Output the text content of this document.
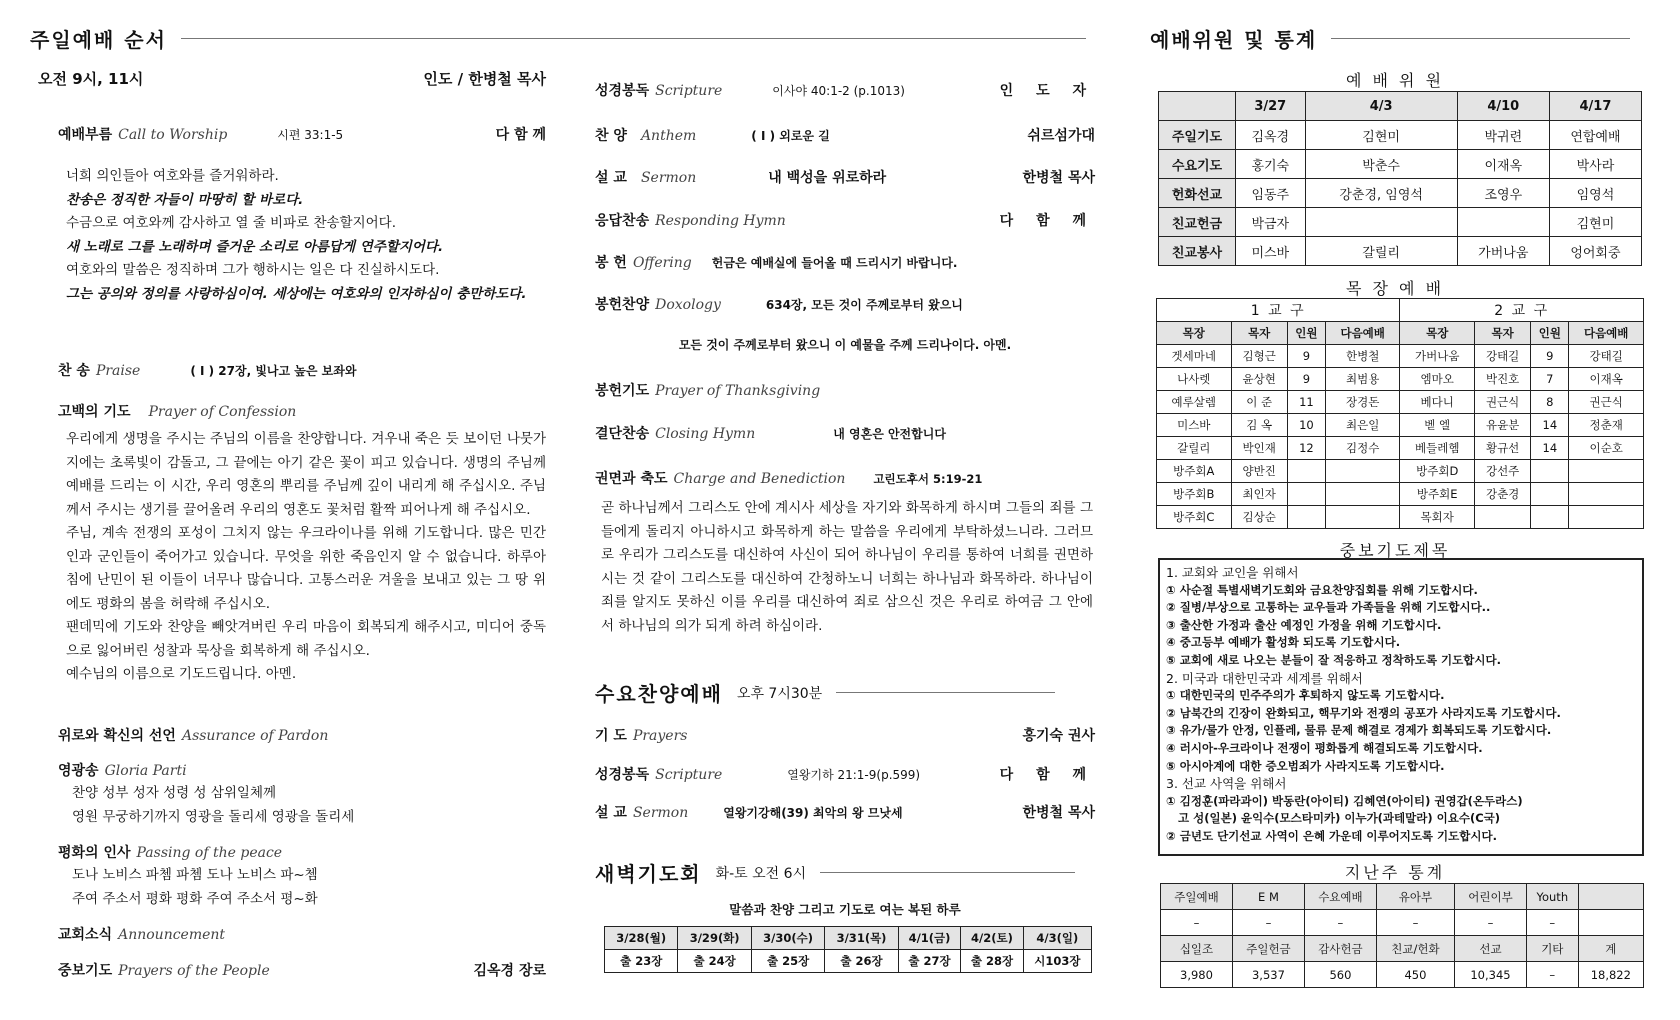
주일예배 순서
오전 9시, 11시	인도 / 한병철 목사
예배부름 Call to Worship	시편 33:1-5	다 함 께
너희 의인들아 여호와를 즐거워하라.
찬송은 정직한 자들이 마땅히 할 바로다.
수금으로 여호와께 감사하고 열 줄 비파로 찬송할지어다.
새 노래로 그를 노래하며 즐거운 소리로 아름답게 연주할지어다.
여호와의 말씀은 정직하며 그가 행하시는 일은 다 진실하시도다.
그는 공의와 정의를 사랑하심이여. 세상에는 여호와의 인자하심이 충만하도다.
찬 송 Praise	( I ) 27장, 빛나고 높은 보좌와
고백의 기도 Prayer of Confession
우리에게 생명을 주시는 주님의 이름을 찬양합니다. 겨우내 죽은 듯 보이던 나뭇가지에는 초록빛이 감돌고, 그 끝에는 아기 같은 꽃이 피고 있습니다. 생명의 주님께 예배를 드리는 이 시간, 우리 영혼의 뿌리를 주님께 깊이 내리게 해 주십시오. 주님께서 주시는 생기를 끌어올려 우리의 영혼도 꽃처럼 활짝 피어나게 해 주십시오.
주님, 계속 전쟁의 포성이 그치지 않는 우크라이나를 위해 기도합니다. 많은 민간인과 군인들이 죽어가고 있습니다. 무엇을 위한 죽음인지 알 수 없습니다. 하루아침에 난민이 된 이들이 너무나 많습니다. 고통스러운 겨울을 보내고 있는 그 땅 위에도 평화의 봄을 허락해 주십시오.
팬데믹에 기도와 찬양을 빼앗겨버린 우리 마음이 회복되게 해주시고, 미디어 중독으로 잃어버린 성찰과 묵상을 회복하게 해 주십시오.
예수님의 이름으로 기도드립니다. 아멘.
위로와 확신의 선언 Assurance of Pardon
영광송 Gloria Parti
찬양 성부 성자 성령 성 삼위일체께
영원 무궁하기까지 영광을 돌리세 영광을 돌리세
평화의 인사 Passing of the peace
도나 노비스 파쳄 파쳄 도나 노비스 파~쳄
주여 주소서 평화 평화 주여 주소서 평~화
교회소식 Announcement
중보기도 Prayers of the People	김옥경 장로
성경봉독 Scripture	이사야 40:1-2 (p.1013)	인 도 자
찬 양 Anthem	( I ) 외로운 길	쉬르섬가대
설 교 Sermon	내 백성을 위로하라	한병철 목사
응답찬송 Responding Hymn	다 함 께
봉 헌 Offering 헌금은 예배실에 들어올 때 드리시기 바랍니다.
봉헌찬양 Doxology	634장, 모든 것이 주께로부터 왔으니
모든 것이 주께로부터 왔으니 이 예물을 주께 드리나이다. 아멘.
봉헌기도 Prayer of Thanksgiving
결단찬송 Closing Hymn	내 영혼은 안전합니다
권면과 축도 Charge and Benediction 고린도후서 5:19-21
곧 하나님께서 그리스도 안에 계시사 세상을 자기와 화목하게 하시며 그들의 죄를 그들에게 돌리지 아니하시고 화목하게 하는 말씀을 우리에게 부탁하셨느니라. 그러므로 우리가 그리스도를 대신하여 사신이 되어 하나님이 우리를 통하여 너희를 권면하시는 것 같이 그리스도를 대신하여 간청하노니 너희는 하나님과 화목하라. 하나님이 죄를 알지도 못하신 이를 우리를 대신하여 죄로 삼으신 것은 우리로 하여금 그 안에서 하나님의 의가 되게 하려 하심이라.
수요찬양예배 오후 7시30분
기 도 Prayers	홍기숙 권사
성경봉독 Scripture	열왕기하 21:1-9(p.599)	다 함 께
설 교 Sermon	열왕기강해(39) 최악의 왕 므낫세	한병철 목사
새벽기도회 화-토 오전 6시
말씀과 찬양 그리고 기도로 여는 복된 하루
3/28(월)	3/29(화)	3/30(수)	3/31(목)	4/1(금)	4/2(토)	4/3(일)
출 23장	출 24장	출 25장	출 26장	출 27장	출 28장	시103장
예배위원 및 통계
예 배 위 원
	3/27	4/3	4/10	4/17
주일기도	김옥경	김현미	박귀련	연합예배
수요기도	홍기숙	박춘수	이재옥	박사라
헌화선교	임동주	강춘경, 임영석	조영우	임영석
친교헌금	박금자			김현미
친교봉사	미스바	갈릴리	가버나움	엉어회중
목 장 예 배
1 교 구				2 교 구			
목장	목자	인원	다음예배	목장	목자	인원	다음예배
겟세마네	김형근	9	한병철	가버나움	강태길	9	강태길
나사렛	윤상현	9	최범용	엠마오	박진호	7	이재옥
예루살렘	이 준	11	장경돈	베다니	권근식	8	권근식
미스바	김 옥	10	최은일	벧 엘	유윤분	14	정춘재
갈릴리	박인재	12	김정수	베들레헴	황규선	14	이순호
방주회A	양반진			방주회D	강선주		
방주회B	최인자			방주회E	강춘경		
방주회C	김상순			목회자			
중보기도제목
1. 교회와 교인을 위해서
① 사순절 특별새벽기도회와 금요찬양집회를 위해 기도합시다.
② 질병/부상으로 고통하는 교우들과 가족들을 위해 기도합시다..
③ 출산한 가정과 출산 예정인 가정을 위해 기도합시다.
④ 중고등부 예배가 활성화 되도록 기도합시다.
⑤ 교회에 새로 나오는 분들이 잘 적응하고 정착하도록 기도합시다.
2. 미국과 대한민국과 세계를 위해서
① 대한민국의 민주주의가 후퇴하지 않도록 기도합시다.
② 남북간의 긴장이 완화되고, 핵무기와 전쟁의 공포가 사라지도록 기도합시다.
③ 유가/물가 안정, 인플레, 물류 문제 해결로 경제가 회복되도록 기도합시다.
④ 러시아-우크라이나 전쟁이 평화롭게 해결되도록 기도합시다.
⑤ 아시아계에 대한 증오범죄가 사라지도록 기도합시다.
3. 선교 사역을 위해서
① 김정훈(파라과이) 박동란(아이티) 김혜연(아이티) 권영갑(온두라스)
고 성(일본) 윤익수(모스타미카) 이누가(과테말라) 이요수(C국)
② 금년도 단기선교 사역이 은혜 가운데 이루어지도록 기도합시다.
지난주 통계
주일예배	E M	수요예배	유아부	어린이부	Youth	
–	–	–	–	–	–	
십일조	주일헌금	감사헌금	친교/헌화	선교	기타	계
3,980	3,537	560	450	10,345	–	18,822
